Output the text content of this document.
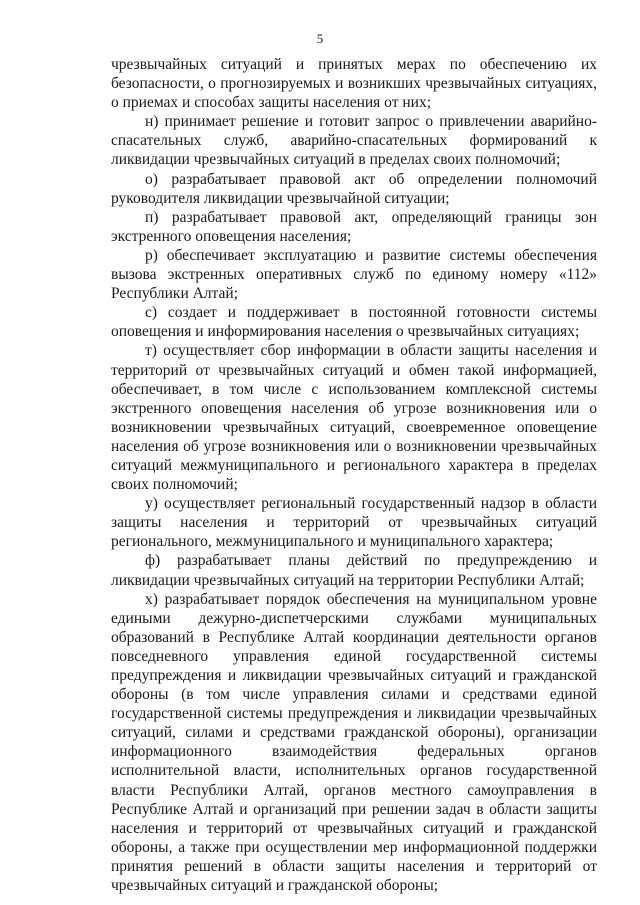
5

чрезвычайных ситуаций и принятых мерах по обеспечению их безопасности, о прогнозируемых и возникших чрезвычайных ситуациях, о приемах и способах защиты населения от них;

н) принимает решение и готовит запрос о привлечении аварийно-спасательных служб, аварийно-спасательных формирований к ликвидации чрезвычайных ситуаций в пределах своих полномочий;

о) разрабатывает правовой акт об определении полномочий руководителя ликвидации чрезвычайной ситуации;

п) разрабатывает правовой акт, определяющий границы зон экстренного оповещения населения;

р) обеспечивает эксплуатацию и развитие системы обеспечения вызова экстренных оперативных служб по единому номеру «112» Республики Алтай;

с) создает и поддерживает в постоянной готовности системы оповещения и информирования населения о чрезвычайных ситуациях;

т) осуществляет сбор информации в области защиты населения и территорий от чрезвычайных ситуаций и обмен такой информацией, обеспечивает, в том числе с использованием комплексной системы экстренного оповещения населения об угрозе возникновения или о возникновении чрезвычайных ситуаций, своевременное оповещение населения об угрозе возникновения или о возникновении чрезвычайных ситуаций межмуниципального и регионального характера в пределах своих полномочий;

у) осуществляет региональный государственный надзор в области защиты населения и территорий от чрезвычайных ситуаций регионального, межмуниципального и муниципального характера;

ф) разрабатывает планы действий по предупреждению и ликвидации чрезвычайных ситуаций на территории Республики Алтай;

х) разрабатывает порядок обеспечения на муниципальном уровне едиными дежурно-диспетчерскими службами муниципальных образований в Республике Алтай координации деятельности органов повседневного управления единой государственной системы предупреждения и ликвидации чрезвычайных ситуаций и гражданской обороны (в том числе управления силами и средствами единой государственной системы предупреждения и ликвидации чрезвычайных ситуаций, силами и средствами гражданской обороны), организации информационного взаимодействия федеральных органов исполнительной власти, исполнительных органов государственной власти Республики Алтай, органов местного самоуправления в Республике Алтай и организаций при решении задач в области защиты населения и территорий от чрезвычайных ситуаций и гражданской обороны, а также при осуществлении мер информационной поддержки принятия решений в области защиты населения и территорий от чрезвычайных ситуаций и гражданской обороны;
